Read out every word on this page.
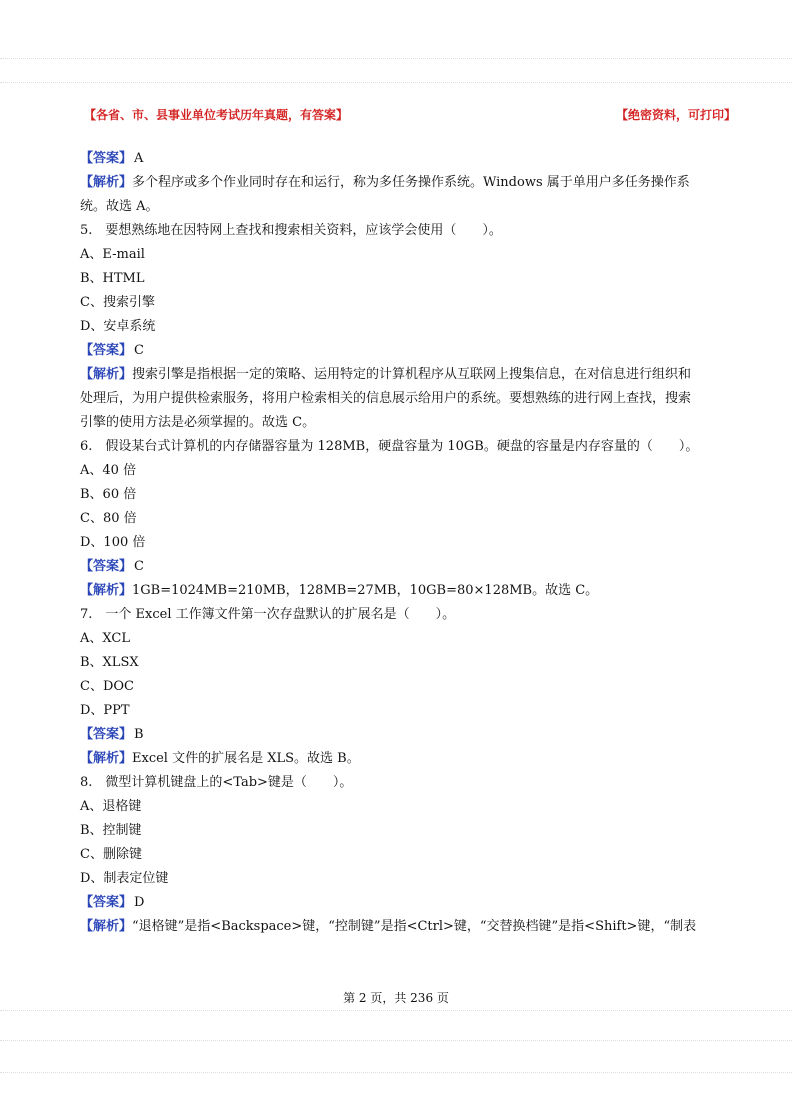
【各省、市、县事业单位考试历年真题，有答案】	【绝密资料，可打印】
【答案】 A
【解析】多个程序或多个作业同时存在和运行，称为多任务操作系统。Windows 属于单用户多任务操作系
统。故选 A。
5.　要想熟练地在因特网上查找和搜索相关资料，应该学会使用（　　）。
A、E-mail
B、HTML
C、搜索引擎
D、安卓系统
【答案】 C
【解析】搜索引擎是指根据一定的策略、运用特定的计算机程序从互联网上搜集信息，在对信息进行组织和
处理后，为用户提供检索服务，将用户检索相关的信息展示给用户的系统。要想熟练的进行网上查找，搜索
引擎的使用方法是必须掌握的。故选 C。
6.　假设某台式计算机的内存储器容量为 128MB，硬盘容量为 10GB。硬盘的容量是内存容量的（　　）。
A、40 倍
B、60 倍
C、80 倍
D、100 倍
【答案】 C
【解析】1GB=1024MB=210MB，128MB=27MB，10GB=80×128MB。故选 C。
7.　一个 Excel 工作簿文件第一次存盘默认的扩展名是（　　）。
A、XCL
B、XLSX
C、DOC
D、PPT
【答案】 B
【解析】Excel 文件的扩展名是 XLS。故选 B。
8.　微型计算机键盘上的<Tab>键是（　　）。
A、退格键
B、控制键
C、删除键
D、制表定位键
【答案】 D
【解析】“退格键”是指<Backspace>键，“控制键”是指<Ctrl>键，“交替换档键”是指<Shift>键，“制表
第 2 页，共 236 页
